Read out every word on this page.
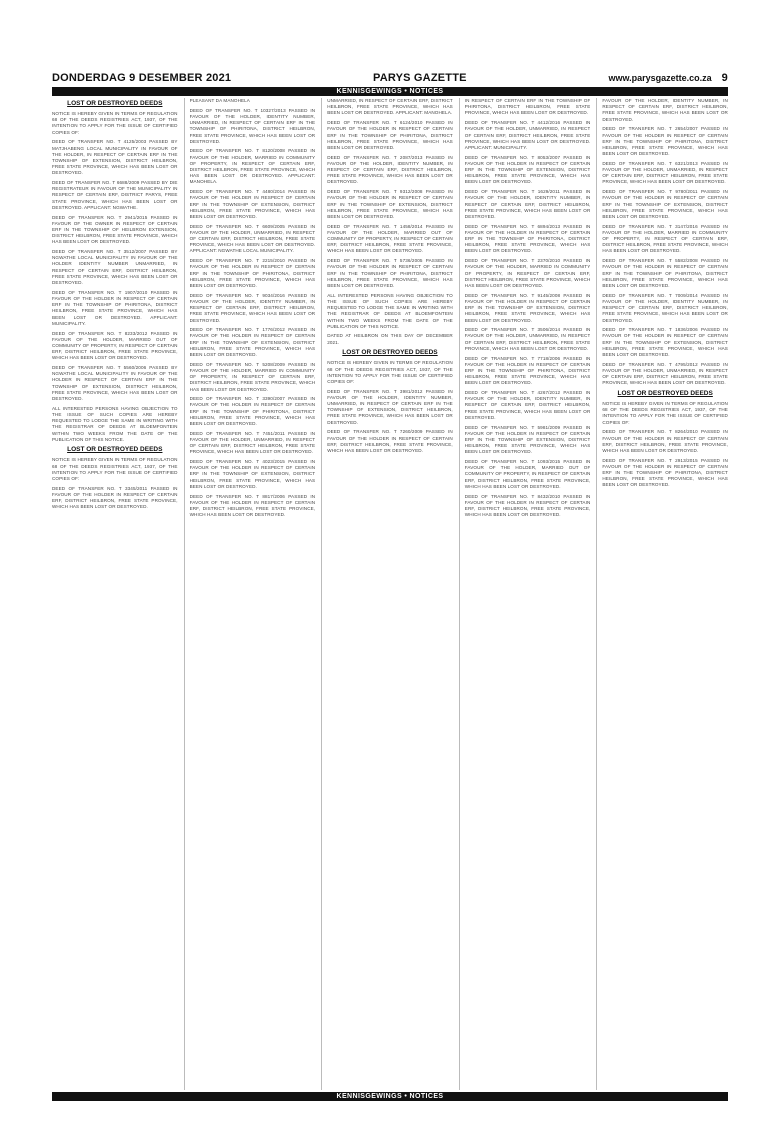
DONDERDAG 9 DESEMBER 2021	PARYS GAZETTE	www.parysgazette.co.za 9
KENNISGEWINGS • NOTICES
LOST OR DESTROYED DEEDS

NOTICE IS HEREBY GIVEN IN TERMS OF REGULATION 68 OF THE DEEDS REGISTRIES ACT, 1937, OF THE INTENTION TO APPLY FOR THE ISSUE OF CERTIFIED COPIES OF:

DEED OF TRANSFER NO. T 4125/2003 PASSED BY MATJHABENG LOCAL MUNICIPALITY IN FAVOUR OF THE HOLDER, IN RESPECT OF CERTAIN ERF IN THE TOWNSHIP OF EXTENSION, DISTRICT HEILBRON, FREE STATE PROVINCE, WHICH HAS BEEN LOST OR DESTROYED.

DEED OF TRANSFER NO. T 6688/2009 PASSED BY DIE REGISTRATEUR IN FAVOUR OF THE MUNICIPALITY IN RESPECT OF CERTAIN ERF, DISTRICT PARYS, FREE STATE PROVINCE, WHICH HAS BEEN LOST OR DESTROYED. APPLICANT: NGWATHE.

DEED OF TRANSFER NO. T 2941/2015 PASSED IN FAVOUR OF THE OWNER IN RESPECT OF CERTAIN ERF IN THE TOWNSHIP OF HEILBRON EXTENSION, DISTRICT HEILBRON, FREE STATE PROVINCE, WHICH HAS BEEN LOST OR DESTROYED.

DEED OF TRANSFER NO. T 3512/2007 PASSED BY NGWATHE LOCAL MUNICIPALITY IN FAVOUR OF THE HOLDER IDENTITY NUMBER UNMARRIED, IN RESPECT OF CERTAIN ERF, DISTRICT HEILBRON, FREE STATE PROVINCE, WHICH HAS BEEN LOST OR DESTROYED.

DEED OF TRANSFER NO. T 1907/2010 PASSED IN FAVOUR OF THE HOLDER IN RESPECT OF CERTAIN ERF IN THE TOWNSHIP OF PHIRITONA, DISTRICT HEILBRON, FREE STATE PROVINCE, WHICH HAS BEEN LOST OR DESTROYED. APPLICANT: MUNICIPALITY.

DEED OF TRANSFER NO. T 8233/2012 PASSED IN FAVOUR OF THE HOLDER, MARRIED OUT OF COMMUNITY OF PROPERTY, IN RESPECT OF CERTAIN ERF, DISTRICT HEILBRON, FREE STATE PROVINCE, WHICH HAS BEEN LOST OR DESTROYED.

DEED OF TRANSFER NO. T 5560/2006 PASSED BY NGWATHE LOCAL MUNICIPALITY IN FAVOUR OF THE HOLDER IN RESPECT OF CERTAIN ERF IN THE TOWNSHIP OF EXTENSION, DISTRICT HEILBRON, FREE STATE PROVINCE, WHICH HAS BEEN LOST OR DESTROYED.

ALL INTERESTED PERSONS HAVING OBJECTION TO THE ISSUE OF SUCH COPIES ARE HEREBY REQUESTED TO LODGE THE SAME IN WRITING WITH THE REGISTRAR OF DEEDS AT BLOEMFONTEIN WITHIN TWO WEEKS FROM THE DATE OF THE PUBLICATION OF THIS NOTICE.

LOST OR DESTROYED DEEDS

NOTICE IS HEREBY GIVEN IN TERMS OF REGULATION 68 OF THE DEEDS REGISTRIES ACT, 1937, OF THE INTENTION TO APPLY FOR THE ISSUE OF CERTIFIED COPIES OF:

DEED OF TRANSFER NO. T 3345/2011 PASSED IN FAVOUR OF THE HOLDER IN RESPECT OF CERTAIN ERF, DISTRICT HEILBRON, FREE STATE PROVINCE, WHICH HAS BEEN LOST OR DESTROYED.

PLEASANT DA MANOHELA

DEED OF TRANSFER NO. T 10327/2013 PASSED IN FAVOUR OF THE HOLDER, IDENTITY NUMBER, UNMARRIED, IN RESPECT OF CERTAIN ERF IN THE TOWNSHIP OF PHIRITONA, DISTRICT HEILBRON, FREE STATE PROVINCE, WHICH HAS BEEN LOST OR DESTROYED.

DEED OF TRANSFER NO. T 8120/2008 PASSED IN FAVOUR OF THE HOLDER, MARRIED IN COMMUNITY OF PROPERTY, IN RESPECT OF CERTAIN ERF, DISTRICT HEILBRON, FREE STATE PROVINCE, WHICH HAS BEEN LOST OR DESTROYED. APPLICANT: MANOHELA.

DEED OF TRANSFER NO. T 4480/2014 PASSED IN FAVOUR OF THE HOLDER IN RESPECT OF CERTAIN ERF IN THE TOWNSHIP OF EXTENSION, DISTRICT HEILBRON, FREE STATE PROVINCE, WHICH HAS BEEN LOST OR DESTROYED.

DEED OF TRANSFER NO. T 6609/2005 PASSED IN FAVOUR OF THE HOLDER, UNMARRIED, IN RESPECT OF CERTAIN ERF, DISTRICT HEILBRON, FREE STATE PROVINCE, WHICH HAS BEEN LOST OR DESTROYED. APPLICANT: NGWATHE LOCAL MUNICIPALITY.

DEED OF TRANSFER NO. T 2215/2010 PASSED IN FAVOUR OF THE HOLDER IN RESPECT OF CERTAIN ERF IN THE TOWNSHIP OF PHIRITONA, DISTRICT HEILBRON, FREE STATE PROVINCE, WHICH HAS BEEN LOST OR DESTROYED.

DEED OF TRANSFER NO. T 9034/2016 PASSED IN FAVOUR OF THE HOLDER, IDENTITY NUMBER, IN RESPECT OF CERTAIN ERF, DISTRICT HEILBRON, FREE STATE PROVINCE, WHICH HAS BEEN LOST OR DESTROYED.

DEED OF TRANSFER NO. T 1776/2012 PASSED IN FAVOUR OF THE HOLDER IN RESPECT OF CERTAIN ERF IN THE TOWNSHIP OF EXTENSION, DISTRICT HEILBRON, FREE STATE PROVINCE, WHICH HAS BEEN LOST OR DESTROYED.

DEED OF TRANSFER NO. T 5208/2009 PASSED IN FAVOUR OF THE HOLDER, MARRIED IN COMMUNITY OF PROPERTY, IN RESPECT OF CERTAIN ERF, DISTRICT HEILBRON, FREE STATE PROVINCE, WHICH HAS BEEN LOST OR DESTROYED.

DEED OF TRANSFER NO. T 3390/2007 PASSED IN FAVOUR OF THE HOLDER IN RESPECT OF CERTAIN ERF IN THE TOWNSHIP OF PHIRITONA, DISTRICT HEILBRON, FREE STATE PROVINCE, WHICH HAS BEEN LOST OR DESTROYED.

DEED OF TRANSFER NO. T 7451/2011 PASSED IN FAVOUR OF THE HOLDER, UNMARRIED, IN RESPECT OF CERTAIN ERF, DISTRICT HEILBRON, FREE STATE PROVINCE, WHICH HAS BEEN LOST OR DESTROYED.

DEED OF TRANSFER NO. T 4023/2015 PASSED IN FAVOUR OF THE HOLDER IN RESPECT OF CERTAIN ERF IN THE TOWNSHIP OF EXTENSION, DISTRICT HEILBRON, FREE STATE PROVINCE, WHICH HAS BEEN LOST OR DESTROYED.

DEED OF TRANSFER NO. T 8817/2006 PASSED IN FAVOUR OF THE HOLDER IN RESPECT OF CERTAIN ERF, DISTRICT HEILBRON, FREE STATE PROVINCE, WHICH HAS BEEN LOST OR DESTROYED.

UNMARRIED, IN RESPECT OF CERTAIN ERF, DISTRICT HEILBRON, FREE STATE PROVINCE, WHICH HAS BEEN LOST OR DESTROYED. APPLICANT: MANOHELA.

DEED OF TRANSFER NO. T 6124/2010 PASSED IN FAVOUR OF THE HOLDER IN RESPECT OF CERTAIN ERF IN THE TOWNSHIP OF PHIRITONA, DISTRICT HEILBRON, FREE STATE PROVINCE, WHICH HAS BEEN LOST OR DESTROYED.

DEED OF TRANSFER NO. T 2087/2013 PASSED IN FAVOUR OF THE HOLDER, IDENTITY NUMBER, IN RESPECT OF CERTAIN ERF, DISTRICT HEILBRON, FREE STATE PROVINCE, WHICH HAS BEEN LOST OR DESTROYED.

DEED OF TRANSFER NO. T 9312/2008 PASSED IN FAVOUR OF THE HOLDER IN RESPECT OF CERTAIN ERF IN THE TOWNSHIP OF EXTENSION, DISTRICT HEILBRON, FREE STATE PROVINCE, WHICH HAS BEEN LOST OR DESTROYED.

DEED OF TRANSFER NO. T 1458/2014 PASSED IN FAVOUR OF THE HOLDER, MARRIED OUT OF COMMUNITY OF PROPERTY, IN RESPECT OF CERTAIN ERF, DISTRICT HEILBRON, FREE STATE PROVINCE, WHICH HAS BEEN LOST OR DESTROYED.

DEED OF TRANSFER NO. T 5736/2005 PASSED IN FAVOUR OF THE HOLDER IN RESPECT OF CERTAIN ERF IN THE TOWNSHIP OF PHIRITONA, DISTRICT HEILBRON, FREE STATE PROVINCE, WHICH HAS BEEN LOST OR DESTROYED.

ALL INTERESTED PERSONS HAVING OBJECTION TO THE ISSUE OF SUCH COPIES ARE HEREBY REQUESTED TO LODGE THE SAME IN WRITING WITH THE REGISTRAR OF DEEDS AT BLOEMFONTEIN WITHIN TWO WEEKS FROM THE DATE OF THE PUBLICATION OF THIS NOTICE.

DATED AT HEILBRON ON THIS DAY OF DECEMBER 2021.

LOST OR DESTROYED DEEDS

NOTICE IS HEREBY GIVEN IN TERMS OF REGULATION 68 OF THE DEEDS REGISTRIES ACT, 1937, OF THE INTENTION TO APPLY FOR THE ISSUE OF CERTIFIED COPIES OF:

DEED OF TRANSFER NO. T 3981/2012 PASSED IN FAVOUR OF THE HOLDER, IDENTITY NUMBER, UNMARRIED, IN RESPECT OF CERTAIN ERF IN THE TOWNSHIP OF EXTENSION, DISTRICT HEILBRON, FREE STATE PROVINCE, WHICH HAS BEEN LOST OR DESTROYED.

DEED OF TRANSFER NO. T 7260/2009 PASSED IN FAVOUR OF THE HOLDER IN RESPECT OF CERTAIN ERF, DISTRICT HEILBRON, FREE STATE PROVINCE, WHICH HAS BEEN LOST OR DESTROYED.

IN RESPECT OF CERTAIN ERF IN THE TOWNSHIP OF PHIRITONA, DISTRICT HEILBRON, FREE STATE PROVINCE, WHICH HAS BEEN LOST OR DESTROYED.

DEED OF TRANSFER NO. T 4412/2016 PASSED IN FAVOUR OF THE HOLDER, UNMARRIED, IN RESPECT OF CERTAIN ERF, DISTRICT HEILBRON, FREE STATE PROVINCE, WHICH HAS BEEN LOST OR DESTROYED. APPLICANT: MUNICIPALITY.

DEED OF TRANSFER NO. T 8053/2007 PASSED IN FAVOUR OF THE HOLDER IN RESPECT OF CERTAIN ERF IN THE TOWNSHIP OF EXTENSION, DISTRICT HEILBRON, FREE STATE PROVINCE, WHICH HAS BEEN LOST OR DESTROYED.

DEED OF TRANSFER NO. T 1629/2011 PASSED IN FAVOUR OF THE HOLDER, IDENTITY NUMBER, IN RESPECT OF CERTAIN ERF, DISTRICT HEILBRON, FREE STATE PROVINCE, WHICH HAS BEEN LOST OR DESTROYED.

DEED OF TRANSFER NO. T 6894/2013 PASSED IN FAVOUR OF THE HOLDER IN RESPECT OF CERTAIN ERF IN THE TOWNSHIP OF PHIRITONA, DISTRICT HEILBRON, FREE STATE PROVINCE, WHICH HAS BEEN LOST OR DESTROYED.

DEED OF TRANSFER NO. T 2370/2010 PASSED IN FAVOUR OF THE HOLDER, MARRIED IN COMMUNITY OF PROPERTY, IN RESPECT OF CERTAIN ERF, DISTRICT HEILBRON, FREE STATE PROVINCE, WHICH HAS BEEN LOST OR DESTROYED.

DEED OF TRANSFER NO. T 9145/2008 PASSED IN FAVOUR OF THE HOLDER IN RESPECT OF CERTAIN ERF IN THE TOWNSHIP OF EXTENSION, DISTRICT HEILBRON, FREE STATE PROVINCE, WHICH HAS BEEN LOST OR DESTROYED.

DEED OF TRANSFER NO. T 3506/2014 PASSED IN FAVOUR OF THE HOLDER, UNMARRIED, IN RESPECT OF CERTAIN ERF, DISTRICT HEILBRON, FREE STATE PROVINCE, WHICH HAS BEEN LOST OR DESTROYED.

DEED OF TRANSFER NO. T 7718/2006 PASSED IN FAVOUR OF THE HOLDER IN RESPECT OF CERTAIN ERF IN THE TOWNSHIP OF PHIRITONA, DISTRICT HEILBRON, FREE STATE PROVINCE, WHICH HAS BEEN LOST OR DESTROYED.

DEED OF TRANSFER NO. T 4267/2012 PASSED IN FAVOUR OF THE HOLDER, IDENTITY NUMBER, IN RESPECT OF CERTAIN ERF, DISTRICT HEILBRON, FREE STATE PROVINCE, WHICH HAS BEEN LOST OR DESTROYED.

DEED OF TRANSFER NO. T 5981/2009 PASSED IN FAVOUR OF THE HOLDER IN RESPECT OF CERTAIN ERF IN THE TOWNSHIP OF EXTENSION, DISTRICT HEILBRON, FREE STATE PROVINCE, WHICH HAS BEEN LOST OR DESTROYED.

DEED OF TRANSFER NO. T 1093/2015 PASSED IN FAVOUR OF THE HOLDER, MARRIED OUT OF COMMUNITY OF PROPERTY, IN RESPECT OF CERTAIN ERF, DISTRICT HEILBRON, FREE STATE PROVINCE, WHICH HAS BEEN LOST OR DESTROYED.

DEED OF TRANSFER NO. T 8432/2010 PASSED IN FAVOUR OF THE HOLDER IN RESPECT OF CERTAIN ERF, DISTRICT HEILBRON, FREE STATE PROVINCE, WHICH HAS BEEN LOST OR DESTROYED.

FAVOUR OF THE HOLDER, IDENTITY NUMBER, IN RESPECT OF CERTAIN ERF, DISTRICT HEILBRON, FREE STATE PROVINCE, WHICH HAS BEEN LOST OR DESTROYED.

DEED OF TRANSFER NO. T 2654/2007 PASSED IN FAVOUR OF THE HOLDER IN RESPECT OF CERTAIN ERF IN THE TOWNSHIP OF PHIRITONA, DISTRICT HEILBRON, FREE STATE PROVINCE, WHICH HAS BEEN LOST OR DESTROYED.

DEED OF TRANSFER NO. T 6321/2013 PASSED IN FAVOUR OF THE HOLDER, UNMARRIED, IN RESPECT OF CERTAIN ERF, DISTRICT HEILBRON, FREE STATE PROVINCE, WHICH HAS BEEN LOST OR DESTROYED.

DEED OF TRANSFER NO. T 9780/2011 PASSED IN FAVOUR OF THE HOLDER IN RESPECT OF CERTAIN ERF IN THE TOWNSHIP OF EXTENSION, DISTRICT HEILBRON, FREE STATE PROVINCE, WHICH HAS BEEN LOST OR DESTROYED.

DEED OF TRANSFER NO. T 3147/2016 PASSED IN FAVOUR OF THE HOLDER, MARRIED IN COMMUNITY OF PROPERTY, IN RESPECT OF CERTAIN ERF, DISTRICT HEILBRON, FREE STATE PROVINCE, WHICH HAS BEEN LOST OR DESTROYED.

DEED OF TRANSFER NO. T 5582/2008 PASSED IN FAVOUR OF THE HOLDER IN RESPECT OF CERTAIN ERF IN THE TOWNSHIP OF PHIRITONA, DISTRICT HEILBRON, FREE STATE PROVINCE, WHICH HAS BEEN LOST OR DESTROYED.

DEED OF TRANSFER NO. T 7009/2014 PASSED IN FAVOUR OF THE HOLDER, IDENTITY NUMBER, IN RESPECT OF CERTAIN ERF, DISTRICT HEILBRON, FREE STATE PROVINCE, WHICH HAS BEEN LOST OR DESTROYED.

DEED OF TRANSFER NO. T 1836/2006 PASSED IN FAVOUR OF THE HOLDER IN RESPECT OF CERTAIN ERF IN THE TOWNSHIP OF EXTENSION, DISTRICT HEILBRON, FREE STATE PROVINCE, WHICH HAS BEEN LOST OR DESTROYED.

DEED OF TRANSFER NO. T 4795/2012 PASSED IN FAVOUR OF THE HOLDER, UNMARRIED, IN RESPECT OF CERTAIN ERF, DISTRICT HEILBRON, FREE STATE PROVINCE, WHICH HAS BEEN LOST OR DESTROYED.

LOST OR DESTROYED DEEDS

NOTICE IS HEREBY GIVEN IN TERMS OF REGULATION 68 OF THE DEEDS REGISTRIES ACT, 1937, OF THE INTENTION TO APPLY FOR THE ISSUE OF CERTIFIED COPIES OF:

DEED OF TRANSFER NO. T 8264/2010 PASSED IN FAVOUR OF THE HOLDER IN RESPECT OF CERTAIN ERF, DISTRICT HEILBRON, FREE STATE PROVINCE, WHICH HAS BEEN LOST OR DESTROYED.

DEED OF TRANSFER NO. T 2913/2015 PASSED IN FAVOUR OF THE HOLDER IN RESPECT OF CERTAIN ERF IN THE TOWNSHIP OF PHIRITONA, DISTRICT HEILBRON, FREE STATE PROVINCE, WHICH HAS BEEN LOST OR DESTROYED.

KENNISGEWINGS • NOTICES
